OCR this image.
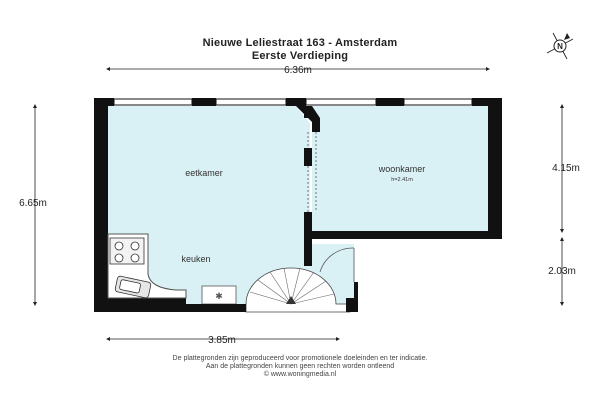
Nieuwe Leliestraat 163 - Amsterdam
Eerste Verdieping
✱
eetkamer	woonkamer
h=2.41m
keuken
6.36m
3.85m
6.65m
4.15m
2.03m
N
De plattegronden zijn geproduceerd voor promotionele doeleinden en ter indicatie.
Aan de plattegronden kunnen geen rechten worden ontleend
© www.woningmedia.nl
